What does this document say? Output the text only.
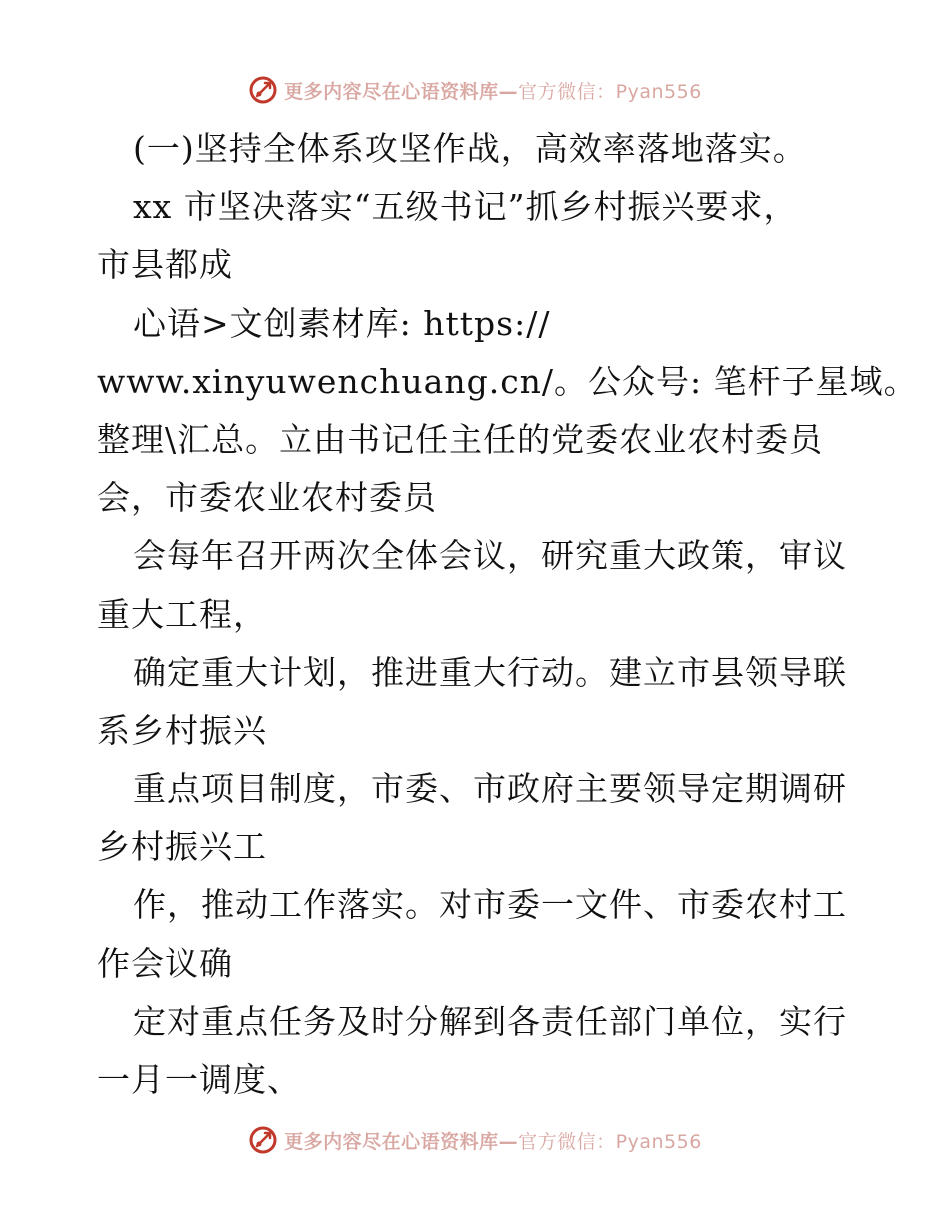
更多内容尽在心语资料库—官方微信：Pyan556
(一)坚持全体系攻坚作战，高效率落地落实。
xx 市坚决落实“五级书记”抓乡村振兴要求，
市县都成
心语>文创素材库: https://
www.xinyuwenchuang.cn/。公众号: 笔杆子星域。
整理\汇总。立由书记任主任的党委农业农村委员
会，市委农业农村委员
会每年召开两次全体会议，研究重大政策，审议
重大工程，
确定重大计划，推进重大行动。建立市县领导联
系乡村振兴
重点项目制度，市委、市政府主要领导定期调研
乡村振兴工
作，推动工作落实。对市委一文件、市委农村工
作会议确
定对重点任务及时分解到各责任部门单位，实行
一月一调度、
更多内容尽在心语资料库—官方微信：Pyan556
